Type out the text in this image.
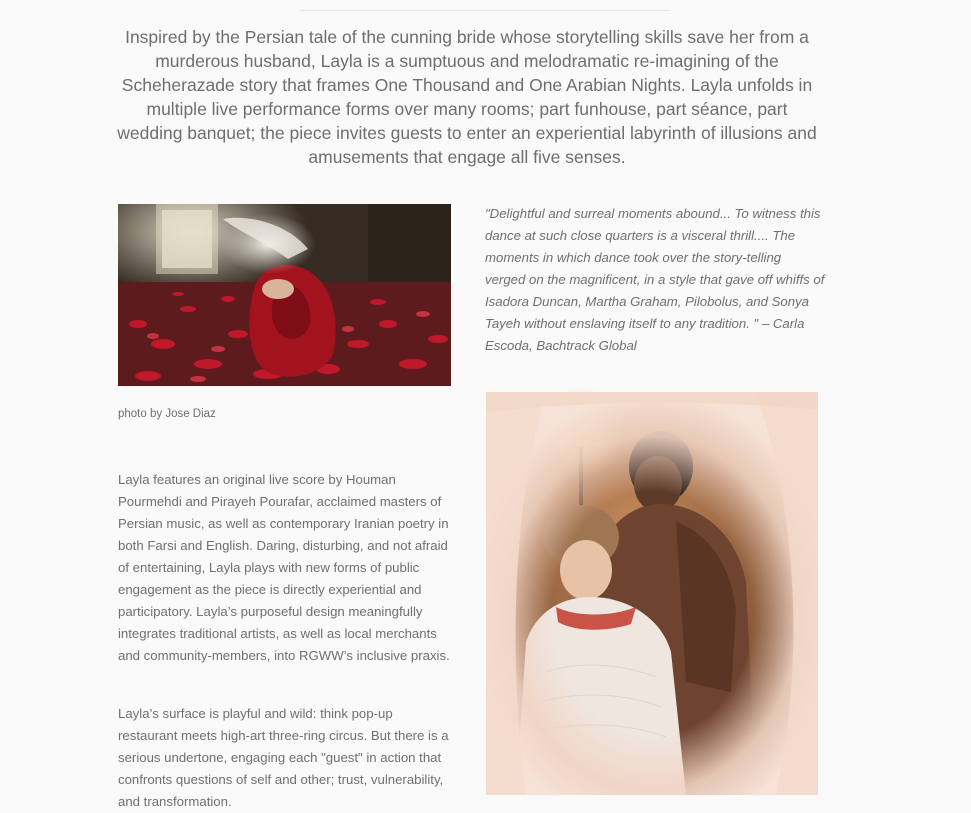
Inspired by the Persian tale of the cunning bride whose storytelling skills save her from a murderous husband, Layla is a sumptuous and melodramatic re-imagining of the Scheherazade story that frames One Thousand and One Arabian Nights. Layla unfolds in multiple live performance forms over many rooms; part funhouse, part séance, part wedding banquet; the piece invites guests to enter an experiential labyrinth of illusions and amusements that engage all five senses.

photo by Jose Diaz

"Delightful and surreal moments abound... To witness this dance at such close quarters is a visceral thrill.... The moments in which dance took over the story-telling verged on the magnificent, in a style that gave off whiffs of Isadora Duncan, Martha Graham, Pilobolus, and Sonya Tayeh without enslaving itself to any tradition. " – Carla Escoda, Bachtrack Global

Layla features an original live score by Houman Pourmehdi and Pirayeh Pourafar, acclaimed masters of Persian music, as well as contemporary Iranian poetry in both Farsi and English. Daring, disturbing, and not afraid of entertaining, Layla plays with new forms of public engagement as the piece is directly experiential and participatory. Layla’s purposeful design meaningfully integrates traditional artists, as well as local merchants and community-members, into RGWW’s inclusive praxis.

Layla’s surface is playful and wild: think pop-up restaurant meets high-art three-ring circus. But there is a serious undertone, engaging each "guest" in action that confronts questions of self and other; trust, vulnerability, and transformation.
